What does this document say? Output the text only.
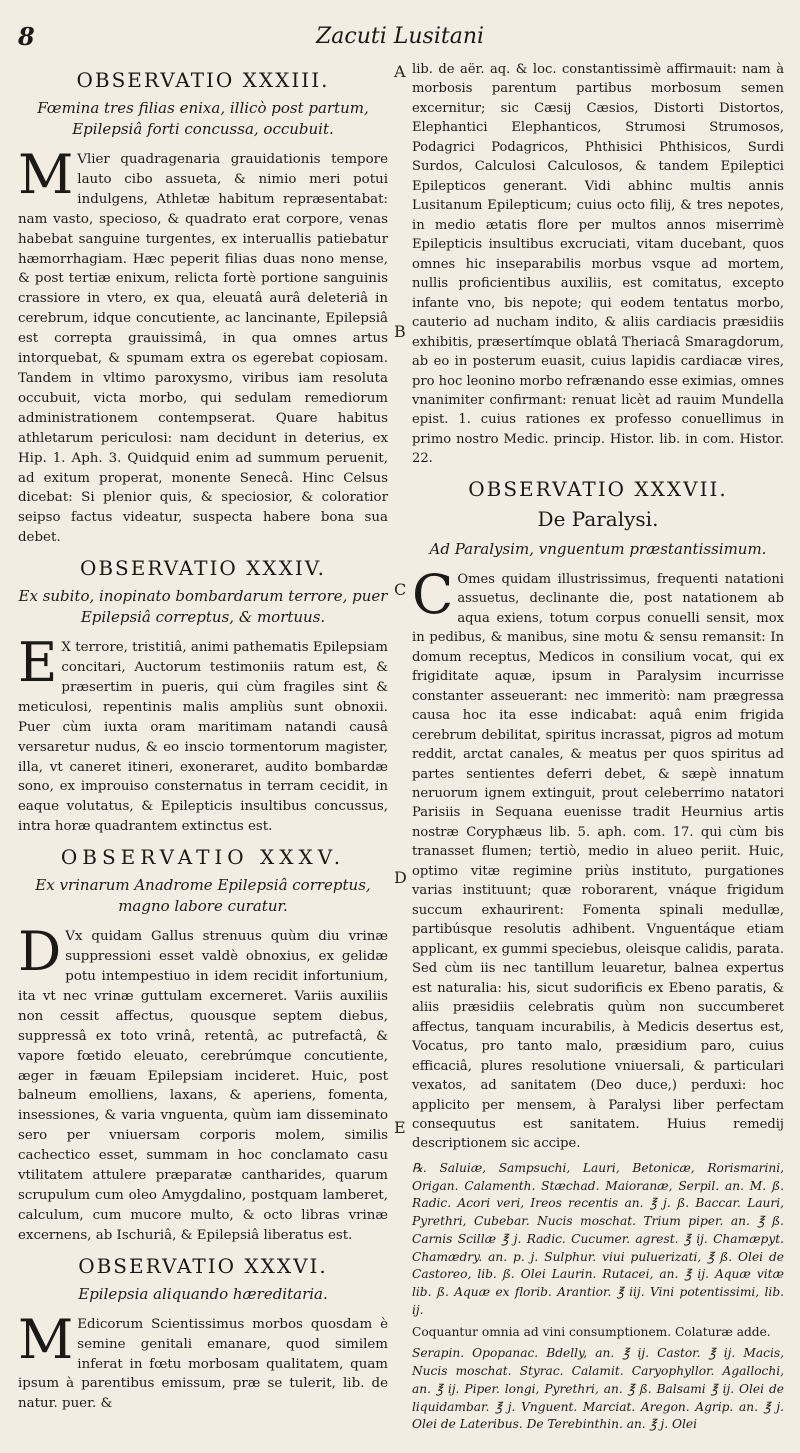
8	Zacuti Lusitani
A
B
C
D
E
OBSERVATIO XXXIII.
Fœmina tres filias enixa, illicò post partum, Epilepsiâ forti concussa, occubuit.

M Vlier quadragenaria grauidationis tempore lauto cibo assueta, & nimio meri potui indulgens, Athletæ habitum repræsentabat: nam vasto, specioso, & quadrato erat corpore, venas habebat sanguine turgentes, ex interuallis patiebatur hæmorrhagiam. Hæc peperit filias duas nono mense, & post tertiæ enixum, relicta fortè portione sanguinis crassiore in vtero, ex qua, eleuatâ aurâ deleteriâ in cerebrum, idque concutiente, ac lancinante, Epilepsiâ est correpta grauissimâ, in qua omnes artus intorquebat, & spumam extra os egerebat copiosam. Tandem in vltimo paroxysmo, viribus iam resoluta occubuit, victa morbo, qui sedulam remediorum administrationem contempserat. Quare habitus athletarum periculosi: nam decidunt in deterius, ex Hip. 1. Aph. 3. Quidquid enim ad summum peruenit, ad exitum properat, monente Senecâ. Hinc Celsus dicebat: Si plenior quis, & speciosior, & coloratior seipso factus videatur, suspecta habere bona sua debet.

OBSERVATIO XXXIV.
Ex subito, inopinato bombardarum terrore, puer Epilepsiâ correptus, & mortuus.

E X terrore, tristitiâ, animi pathematis Epilepsiam concitari, Auctorum testimoniis ratum est, & præsertim in pueris, qui cùm fragiles sint & meticulosi, repentinis malis ampliùs sunt obnoxii. Puer cùm iuxta oram maritimam natandi causâ versaretur nudus, & eo inscio tormentorum magister, illa, vt caneret itineri, exoneraret, audito bombardæ sono, ex improuiso consternatus in terram cecidit, in eaque volutatus, & Epilepticis insultibus concussus, intra horæ quadrantem extinctus est.

OBSERVATIO XXXV.
Ex vrinarum Anadrome Epilepsiâ correptus, magno labore curatur.

D Vx quidam Gallus strenuus quùm diu vrinæ suppressioni esset valdè obnoxius, ex gelidæ potu intempestiuo in idem recidit infortunium, ita vt nec vrinæ guttulam excerneret. Variis auxiliis non cessit affectus, quousque septem diebus, suppressâ ex toto vrinâ, retentâ, ac putrefactâ, & vapore fœtido eleuato, cerebrúmque concutiente, æger in fæuam Epilepsiam incideret. Huic, post balneum emolliens, laxans, & aperiens, fomenta, insessiones, & varia vnguenta, quùm iam disseminato sero per vniuersam corporis molem, similis cachectico esset, summam in hoc conclamato casu vtilitatem attulere præparatæ cantharides, quarum scrupulum cum oleo Amygdalino, postquam lamberet, calculum, cum mucore multo, & octo libras vrinæ excernens, ab Ischuriâ, & Epilepsiâ liberatus est.

OBSERVATIO XXXVI.
Epilepsia aliquando hæreditaria.

M Edicorum Scientissimus morbos quosdam è semine genitali emanare, quod similem inferat in fœtu morbosam qualitatem, quam ipsum à parentibus emissum, præ se tulerit, lib. de natur. puer. &

lib. de aër. aq. & loc. constantissimè affirmauit: nam à morbosis parentum partibus morbosum semen excernitur; sic Cæsij Cæsios, Distorti Distortos, Elephantici Elephanticos, Strumosi Strumosos, Podagrici Podagricos, Phthisici Phthisicos, Surdi Surdos, Calculosi Calculosos, & tandem Epileptici Epilepticos generant. Vidi abhinc multis annis Lusitanum Epilepticum; cuius octo filij, & tres nepotes, in medio ætatis flore per multos annos miserrimè Epilepticis insultibus excruciati, vitam ducebant, quos omnes hic inseparabilis morbus vsque ad mortem, nullis proficientibus auxiliis, est comitatus, excepto infante vno, bis nepote; qui eodem tentatus morbo, cauterio ad nucham indito, & aliis cardiacis præsidiis exhibitis, præsertímque oblatâ Theriacâ Smaragdorum, ab eo in posterum euasit, cuius lapidis cardiacæ vires, pro hoc leonino morbo refrænando esse eximias, omnes vnanimiter confirmant: renuat licèt ad rauim Mundella epist. 1. cuius rationes ex professo conuellimus in primo nostro Medic. princip. Histor. lib. in com. Histor. 22.

OBSERVATIO XXXVII.
De Paralysi.
Ad Paralysim, vnguentum præstantissimum.

C Omes quidam illustrissimus, frequenti natationi assuetus, declinante die, post natationem ab aqua exiens, totum corpus conuelli sensit, mox in pedibus, & manibus, sine motu & sensu remansit: In domum receptus, Medicos in consilium vocat, qui ex frigiditate aquæ, ipsum in Paralysim incurrisse constanter asseuerant: nec immeritò: nam prægressa causa hoc ita esse indicabat: aquâ enim frigida cerebrum debilitat, spiritus incrassat, pigros ad motum reddit, arctat canales, & meatus per quos spiritus ad partes sentientes deferri debet, & sæpè innatum neruorum ignem extinguit, prout celeberrimo natatori Parisiis in Sequana euenisse tradit Heurnius artis nostræ Coryphæus lib. 5. aph. com. 17. qui cùm bis tranasset flumen; tertiò, medio in alueo periit. Huic, optimo vitæ regimine priùs instituto, purgationes varias instituunt; quæ roborarent, vnáque frigidum succum exhaurirent: Fomenta spinali medullæ, partibúsque resolutis adhibent. Vnguentáque etiam applicant, ex gummi speciebus, oleisque calidis, parata. Sed cùm iis nec tantillum leuaretur, balnea expertus est naturalia: his, sicut sudorificis ex Ebeno paratis, & aliis præsidiis celebratis quùm non succumberet affectus, tanquam incurabilis, à Medicis desertus est, Vocatus, pro tanto malo, præsidium paro, cuius efficaciâ, plures resolutione vniuersali, & particulari vexatos, ad sanitatem (Deo duce,) perduxi: hoc applicito per mensem, à Paralysi liber perfectam consequutus est sanitatem. Huius remedij descriptionem sic accipe.

℞. Saluiæ, Sampsuchi, Lauri, Betonicæ, Rorismarini, Origan. Calamenth. Stæchad. Maioranæ, Serpil. an. M. ß. Radic. Acori veri, Ireos recentis an. ℥ j. ß. Baccar. Lauri, Pyrethri, Cubebar. Nucis moschat. Trium piper. an. ℥ ß. Carnis Scillæ ℥ j. Radic. Cucumer. agrest. ℥ ij. Chamæpyt. Chamædry. an. p. j. Sulphur. viui puluerizati, ℥ ß. Olei de Castoreo, lib. ß. Olei Laurin. Rutacei, an. ℥ ij. Aquæ vitæ lib. ß. Aquæ ex florib. Arantior. ℥ iij. Vini potentissimi, lib. ij.

Coquantur omnia ad vini consumptionem. Colaturæ adde.

Serapin. Opopanac. Bdelly, an. ℥ ij. Castor. ℥ ij. Macis, Nucis moschat. Styrac. Calamit. Caryophyllor. Agallochi, an. ℥ ij. Piper. longi, Pyrethri, an. ℥ ß. Balsami ℥ ij. Olei de liquidambar. ℥ j. Vnguent. Marciat. Aregon. Agrip. an. ℥ j. Olei de Lateribus. De Terebinthin. an. ℥ j. Olei
